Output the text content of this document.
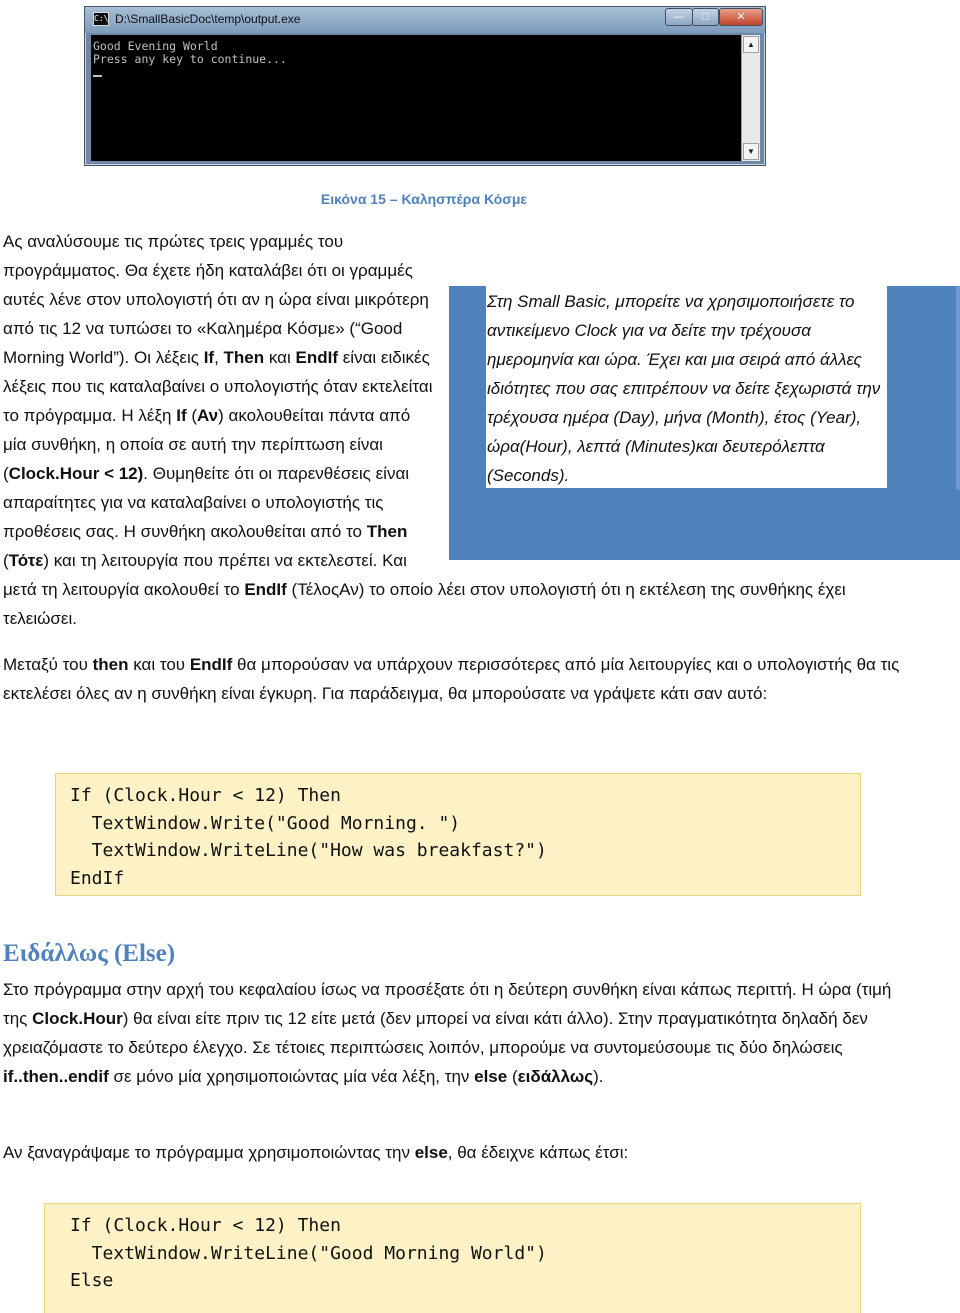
C:\ D:\SmallBasicDoc\temp\output.exe	—	□	✕

Good Evening World

Press any key to continue...

▲
▼
Εικόνα 15 – Καλησπέρα Κόσμε

Στη Small Basic, μπορείτε να χρησιμοποιήσετε το αντικείμενο Clock για να δείτε την τρέχουσα ημερομηνία και ώρα. Έχει και μια σειρά από άλλες ιδιότητες που σας επιτρέπουν να δείτε ξεχωριστά την τρέχουσα ημέρα (Day), μήνα (Month), έτος (Year), ώρα(Hour), λεπτά (Minutes)και δευτερόλεπτα (Seconds).

Ας αναλύσουμε τις πρώτες τρεις γραμμές του προγράμματος. Θα έχετε ήδη καταλάβει ότι οι γραμμές αυτές λένε στον υπολογιστή ότι αν η ώρα είναι μικρότερη από τις 12 να τυπώσει το «Καλημέρα Κόσμε» (“Good Morning World”). Οι λέξεις If, Then και EndIf είναι ειδικές λέξεις που τις καταλαβαίνει ο υπολογιστής όταν εκτελείται το πρόγραμμα. Η λέξη If (Αν) ακολουθείται πάντα από μία συνθήκη, η οποία σε αυτή την περίπτωση είναι (Clock.Hour < 12). Θυμηθείτε ότι οι παρενθέσεις είναι απαραίτητες για να καταλαβαίνει ο υπολογιστής τις προθέσεις σας. Η συνθήκη ακολουθείται από το Then (Τότε) και τη λειτουργία που πρέπει να εκτελεστεί. Και μετά τη λειτουργία ακολουθεί το EndIf (ΤέλοςΑν) το οποίο λέει στον υπολογιστή ότι η εκτέλεση της συνθήκης έχει τελειώσει.

Μεταξύ του then και του EndIf θα μπορούσαν να υπάρχουν περισσότερες από μία λειτουργίες και ο υπολογιστής θα τις εκτελέσει όλες αν η συνθήκη είναι έγκυρη. Για παράδειγμα, θα μπορούσατε να γράψετε κάτι σαν αυτό:

If (Clock.Hour < 12) Then

TextWindow.Write("Good Morning. ")

TextWindow.WriteLine("How was breakfast?")

EndIf

Ειδάλλως (Else)

Στο πρόγραμμα στην αρχή του κεφαλαίου ίσως να προσέξατε ότι η δεύτερη συνθήκη είναι κάπως περιττή. Η ώρα (τιμή της Clock.Hour) θα είναι είτε πριν τις 12 είτε μετά (δεν μπορεί να είναι κάτι άλλο). Στην πραγματικότητα δηλαδή δεν χρειαζόμαστε το δεύτερο έλεγχο. Σε τέτοιες περιπτώσεις λοιπόν, μπορούμε να συντομεύσουμε τις δύο δηλώσεις if..then..endif σε μόνο μία χρησιμοποιώντας μία νέα λέξη, την else (ειδάλλως).

Αν ξαναγράψαμε το πρόγραμμα χρησιμοποιώντας την else, θα έδειχνε κάπως έτσι:

If (Clock.Hour < 12) Then

TextWindow.WriteLine("Good Morning World")

Else
